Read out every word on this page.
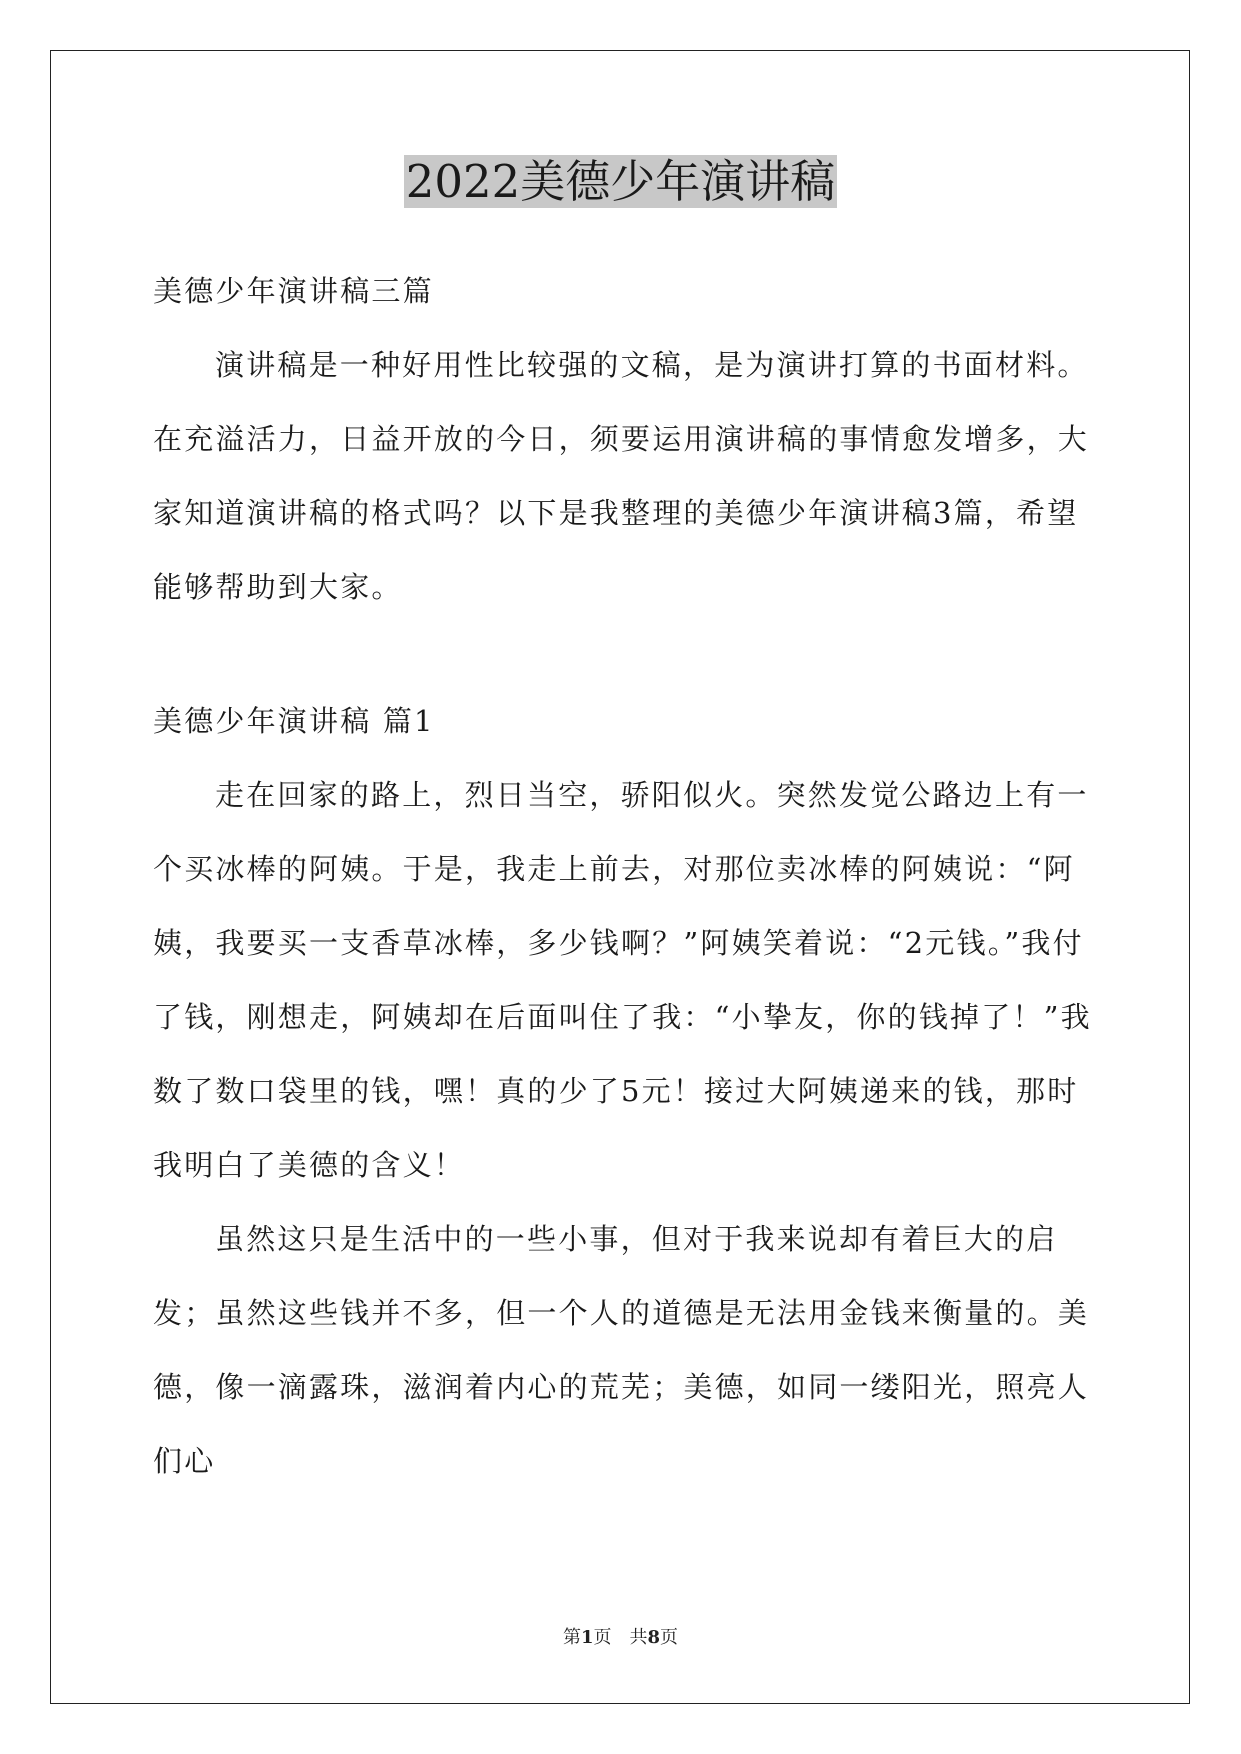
2022美德少年演讲稿

美德少年演讲稿三篇

演讲稿是一种好用性比较强的文稿，是为演讲打算的书面材料。在充溢活力，日益开放的今日，须要运用演讲稿的事情愈发增多，大家知道演讲稿的格式吗？以下是我整理的美德少年演讲稿3篇，希望能够帮助到大家。

美德少年演讲稿 篇1

走在回家的路上，烈日当空，骄阳似火。突然发觉公路边上有一个买冰棒的阿姨。于是，我走上前去，对那位卖冰棒的阿姨说：“阿姨，我要买一支香草冰棒，多少钱啊？”阿姨笑着说：“2元钱。”我付了钱，刚想走，阿姨却在后面叫住了我：“小挚友，你的钱掉了！”我数了数口袋里的钱，嘿！真的少了5元！接过大阿姨递来的钱，那时我明白了美德的含义！

虽然这只是生活中的一些小事，但对于我来说却有着巨大的启发；虽然这些钱并不多，但一个人的道德是无法用金钱来衡量的。美德，像一滴露珠，滋润着内心的荒芜；美德，如同一缕阳光，照亮人们心

第1页　共8页
